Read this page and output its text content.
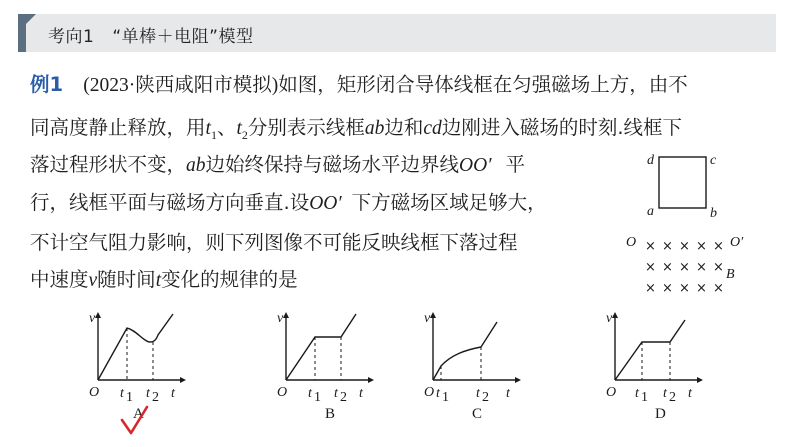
考向1 “单棒＋电阻”模型
例1 (2023·陕西咸阳市模拟)如图，矩形闭合导体线框在匀强磁场上方，由不
同高度静止释放，用$t_1$、$t_2$分别表示线框ab边和cd边刚进入磁场的时刻.线框下
落过程形状不变，ab边始终保持与磁场水平边界线OO′ 平
行，线框平面与磁场方向垂直.设OO′ 下方磁场区域足够大，
不计空气阻力影响，则下列图像不可能反映线框下落过程
中速度v随时间t变化的规律的是
d	c
a	b
O	O′
B
× × × × ×
× × × × ×
× × × × ×
v
O t 1 t 2 t
A
v
O t 1 t 2 t
B
v
O t 1 t 2 t
C
v
O t 1 t 2 t
D
